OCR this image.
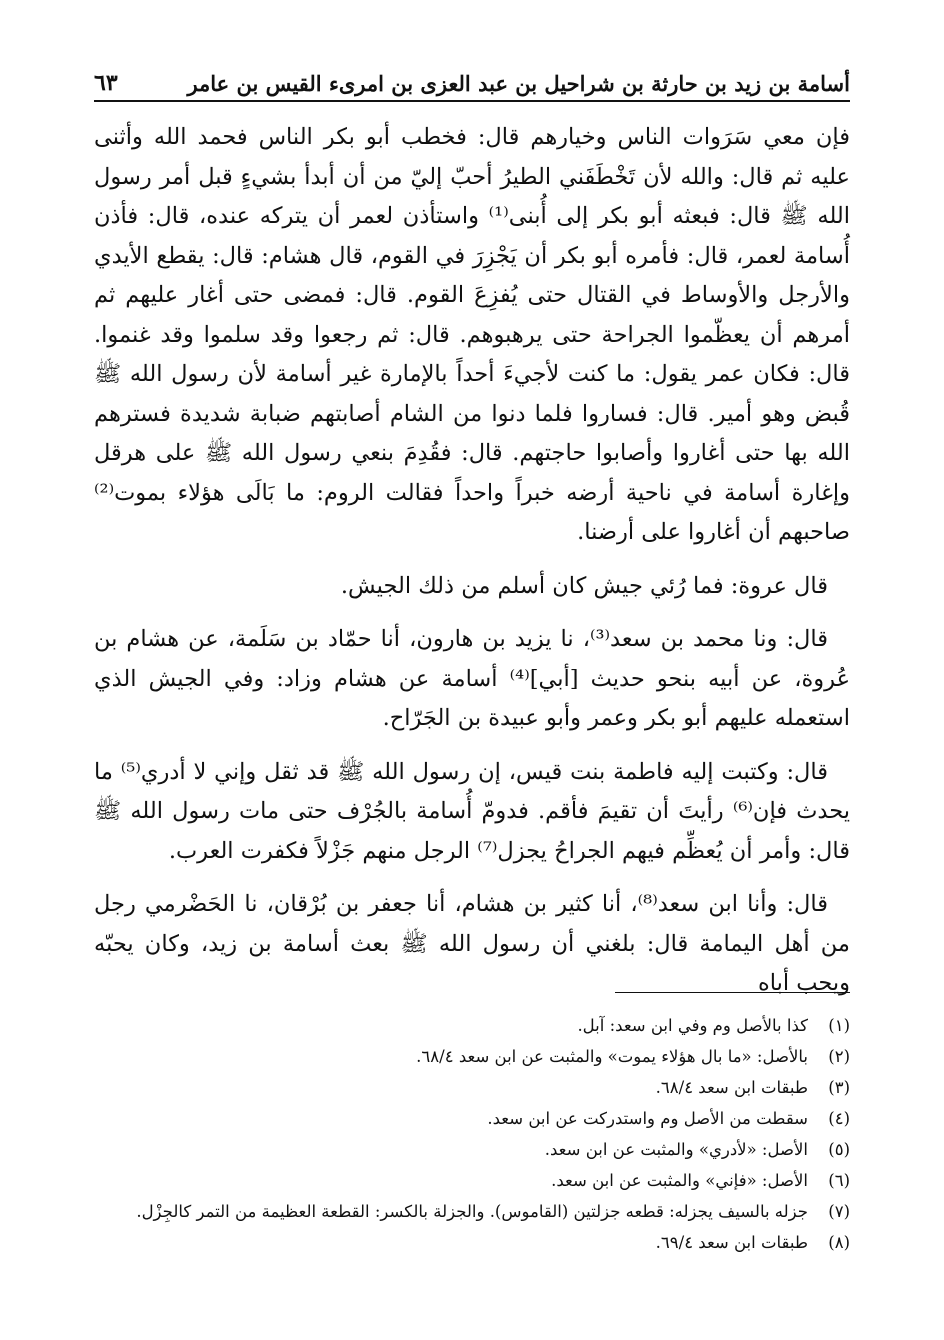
أسامة بن زيد بن حارثة بن شراحيل بن عبد العزى بن امرىء القيس بن عامر
٦٣

فإن معي سَرَوات الناس وخيارهم قال: فخطب أبو بكر الناس فحمد الله وأثنى عليه ثم قال: والله لأن تَخْطَفَني الطيرُ أحبّ إليّ من أن أبدأ بشيءٍ قبل أمر رسول الله ﷺ قال: فبعثه أبو بكر إلى أُبنى⁽¹⁾ واستأذن لعمر أن يتركه عنده، قال: فأذن أُسامة لعمر، قال: فأمره أبو بكر أن يَجْزِرَ في القوم، قال هشام: قال: يقطع الأيدي والأرجل والأوساط في القتال حتى يُفزِعَ القوم. قال: فمضى حتى أغار عليهم ثم أمرهم أن يعظّموا الجراحة حتى يرهبوهم. قال: ثم رجعوا وقد سلموا وقد غنموا. قال: فكان عمر يقول: ما كنت لأجيءَ أحداً بالإمارة غير أسامة لأن رسول الله ﷺ قُبض وهو أمير. قال: فساروا فلما دنوا من الشام أصابتهم ضبابة شديدة فسترهم الله بها حتى أغاروا وأصابوا حاجتهم. قال: فقُدِمَ بنعي رسول الله ﷺ على هرقل وإغارة أسامة في ناحية أرضه خبراً واحداً فقالت الروم: ما بَالَى هؤلاء بموت⁽²⁾ صاحبهم أن أغاروا على أرضنا.

قال عروة: فما رُئي جيش كان أسلم من ذلك الجيش.

قال: ونا محمد بن سعد⁽³⁾، نا يزيد بن هارون، أنا حمّاد بن سَلَمة، عن هشام بن عُروة، عن أبيه بنحو حديث [أبي]⁽⁴⁾ أسامة عن هشام وزاد: وفي الجيش الذي استعمله عليهم أبو بكر وعمر وأبو عبيدة بن الجَرّاح.

قال: وكتبت إليه فاطمة بنت قيس، إن رسول الله ﷺ قد ثقل وإني لا أدري⁽⁵⁾ ما يحدث فإن⁽⁶⁾ رأيتَ أن تقيمَ فأقم. فدومّ أُسامة بالجُرْف حتى مات رسول الله ﷺ قال: وأمر أن يُعظِّم فيهم الجراحُ يجزل⁽⁷⁾ الرجل منهم جَزْلاً فكفرت العرب.

قال: وأنا ابن سعد⁽⁸⁾، أنا كثير بن هشام، أنا جعفر بن بُرْقان، نا الحَضْرمي رجل من أهل اليمامة قال: بلغني أن رسول الله ﷺ بعث أسامة بن زيد، وكان يحبّه ويحب أباه

(١)
كذا بالأصل وم وفي ابن سعد: آبل.
(٢)
بالأصل: «ما بال هؤلاء يموت» والمثبت عن ابن سعد ٦٨/٤.
(٣)
طبقات ابن سعد ٦٨/٤.
(٤)
سقطت من الأصل وم واستدركت عن ابن سعد.
(٥)
الأصل: «لأدري» والمثبت عن ابن سعد.
(٦)
الأصل: «فإني» والمثبت عن ابن سعد.
(٧)
جزله بالسيف يجزله: قطعه جزلتين (القاموس). والجزلة بالكسر: القطعة العظيمة من التمر كالجِزْل.
(٨)
طبقات ابن سعد ٦٩/٤.
